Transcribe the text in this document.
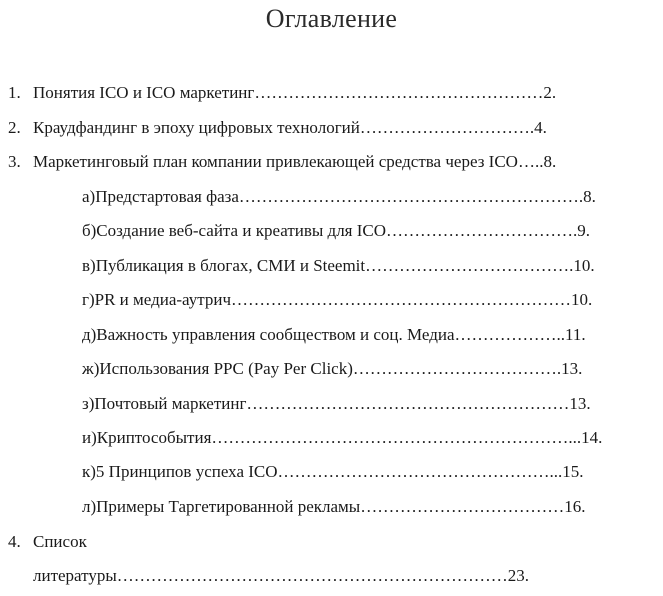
Оглавление
1. Понятия ICO и ICO маркетинг……………………………………………2.
2. Краудфандинг в эпоху цифровых технологий………………………….4.
3. Маркетинговый план компании привлекающей средства через ICO…..8.
а)Предстартовая фаза…………………………………………………….8.
б)Создание веб-сайта и креативы для ICO…………………………….9.
в)Публикация в блогах, СМИ и Steemit……………………………….10.
г)PR и медиа-аутрич……………………………………………………10.
д)Важность управления сообществом и соц. Медиа………………..11.
ж)Использования PPC (Pay Per Click)……………………………….13.
з)Почтовый маркетинг…………………………………………………13.
и)Криптособытия………………………………………………………...14.
к)5 Принципов успеха ICO…………………………………………...15.
л)Примеры Таргетированной рекламы………………………………16.
4. Список
литературы……………………………………………………………23.
